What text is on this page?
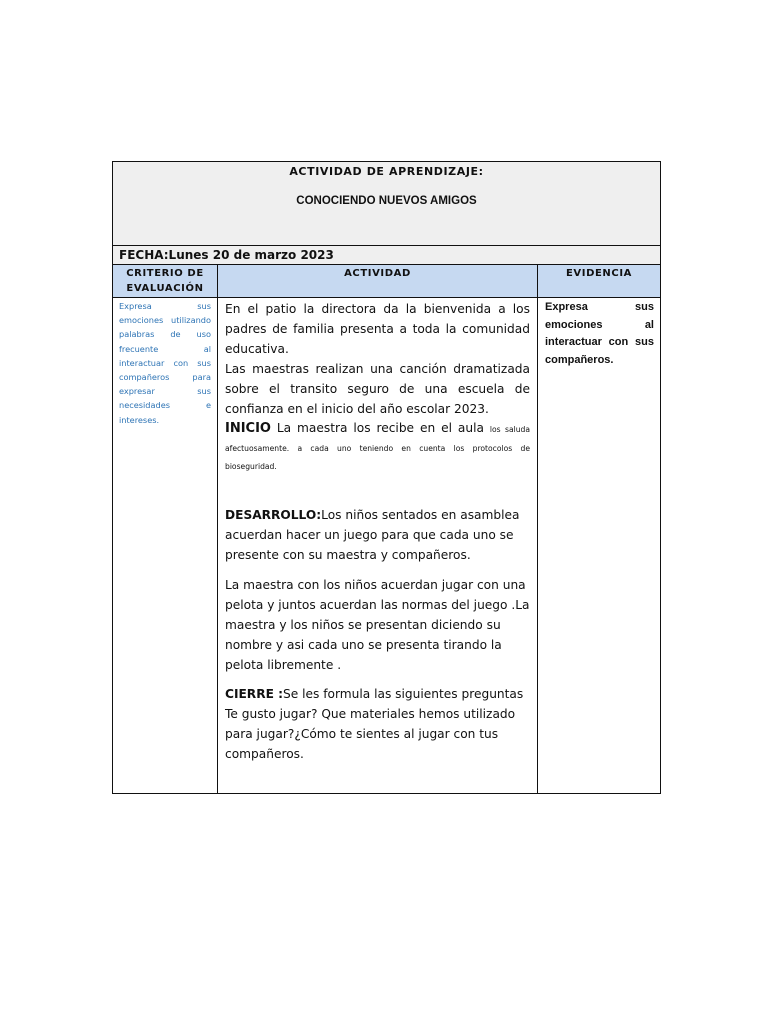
ACTIVIDAD DE APRENDIZAJE:
CONOCIENDO NUEVOS AMIGOS
FECHA:Lunes 20 de marzo 2023
CRITERIO DE EVALUACIÓN
ACTIVIDAD	EVIDENCIA
Expresa sus emociones utilizando palabras de uso frecuente al interactuar con sus compañeros para expresar sus necesidades e intereses.

En el patio la directora da la bienvenida a los padres de familia presenta a toda la comunidad educativa.

Las maestras realizan una canción dramatizada sobre el transito seguro de una escuela de confianza en el inicio del año escolar 2023.

INICIO La maestra los recibe en el aula los saluda afectuosamente. a cada uno teniendo en cuenta los protocolos de bioseguridad.

DESARROLLO:Los niños sentados en asamblea acuerdan hacer un juego para que cada uno se presente con su maestra y compañeros.

La maestra con los niños acuerdan jugar con una pelota y juntos acuerdan las normas del juego .La maestra y los niños se presentan diciendo su nombre y asi cada uno se presenta tirando la pelota libremente .

CIERRE :Se les formula las siguientes preguntas Te gusto jugar? Que materiales hemos utilizado para jugar?¿Cómo te sientes al jugar con tus compañeros.

Expresa sus emociones al interactuar con sus compañeros.
